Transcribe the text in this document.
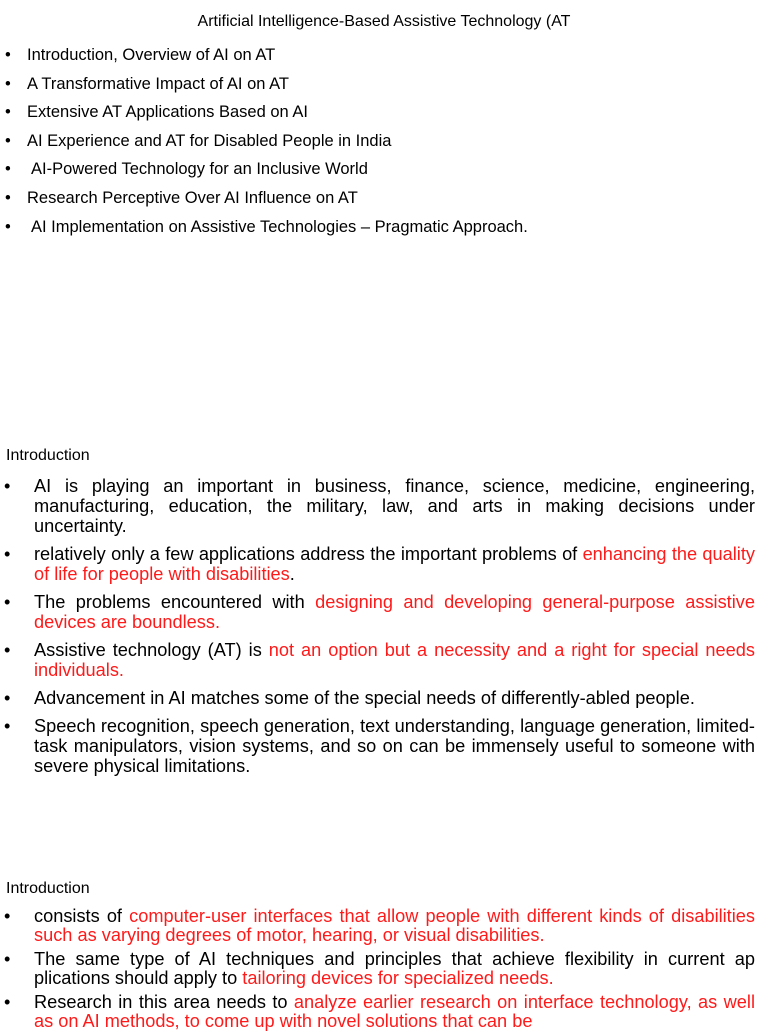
Artificial Intelligence-Based Assistive Technology (AT
• Introduction, Overview of AI on AT
• A Transformative Impact of AI on AT
• Extensive AT Applications Based on AI
• AI Experience and AT for Disabled People in India
• AI-Powered Technology for an Inclusive World
• Research Perceptive Over AI Influence on AT
• AI Implementation on Assistive Technologies – Pragmatic Approach.
Introduction
• AI is playing an important in business, finance, science, medicine, engineering, manufacturing, education, the military, law, and arts in making decisions under uncertainty.
• relatively only a few applications address the important problems of enhancing the quality of life for people with disabilities.
• The problems encountered with designing and developing general-purpose assistive devices are boundless.
• Assistive technology (AT) is not an option but a necessity and a right for special needs individuals.
• Advancement in AI matches some of the special needs of differently-abled people.
• Speech recognition, speech generation, text understanding, language generation, limited-task manipulators, vision systems, and so on can be immensely useful to someone with severe physical limitations.
Introduction
• consists of computer-user interfaces that allow people with different kinds of disabilities such as varying degrees of motor, hearing, or visual disabilities.
• The same type of AI techniques and principles that achieve flexibility in current ap plications should apply to tailoring devices for specialized needs.
• Research in this area needs to analyze earlier research on interface technology, as well as on AI methods, to come up with novel solutions that can be
